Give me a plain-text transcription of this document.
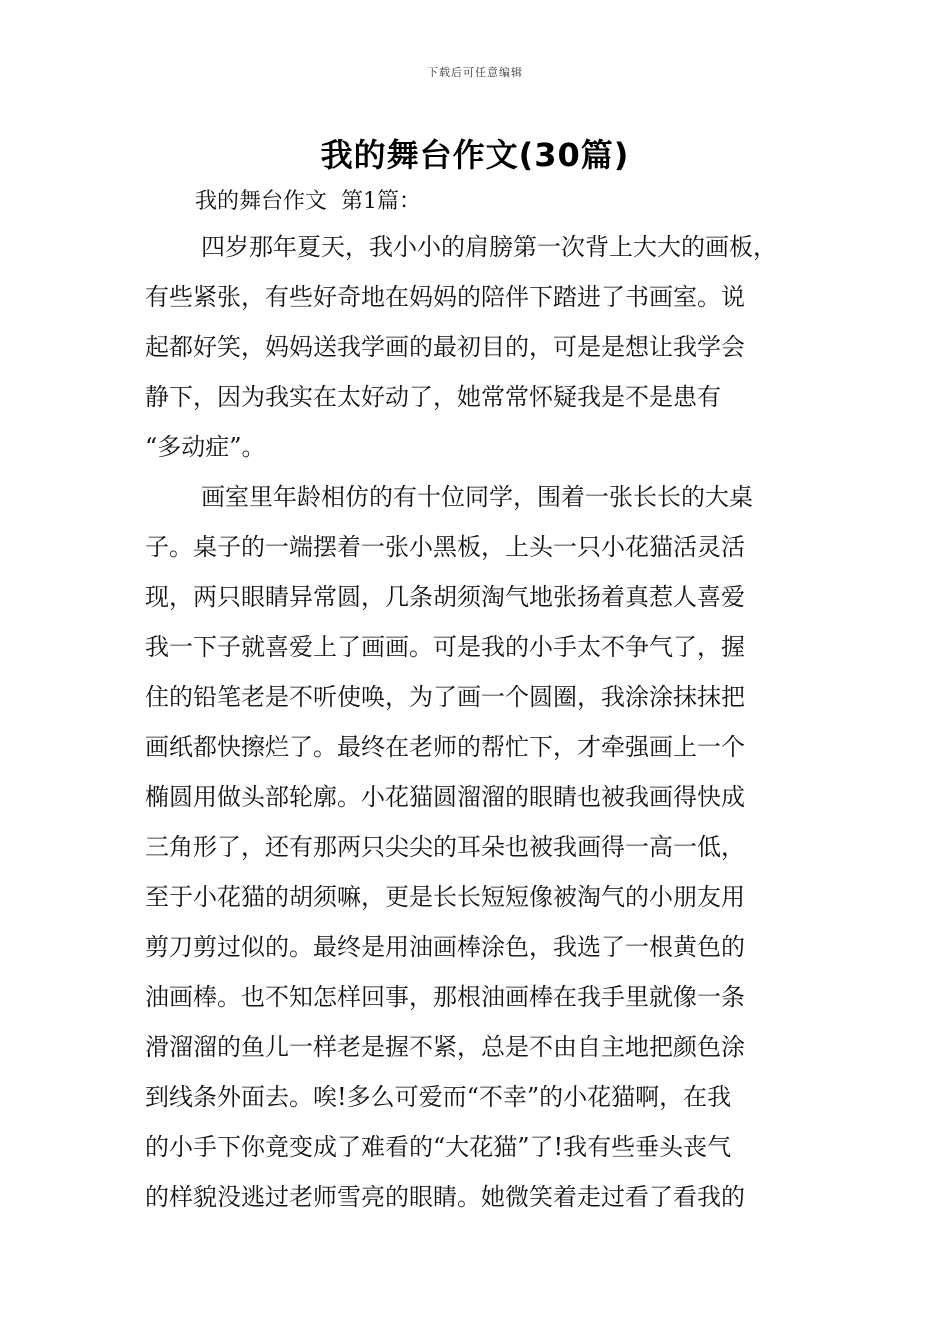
下载后可任意编辑
我的舞台作文(30篇)
我的舞台作文  第1篇：
四岁那年夏天，我小小的肩膀第一次背上大大的画板，
有些紧张，有些好奇地在妈妈的陪伴下踏进了书画室。说
起都好笑，妈妈送我学画的最初目的，可是是想让我学会
静下，因为我实在太好动了，她常常怀疑我是不是患有
“多动症”。
画室里年龄相仿的有十位同学，围着一张长长的大桌
子。桌子的一端摆着一张小黑板，上头一只小花猫活灵活
现，两只眼睛异常圆，几条胡须淘气地张扬着真惹人喜爱
我一下子就喜爱上了画画。可是我的小手太不争气了，握
住的铅笔老是不听使唤，为了画一个圆圈，我涂涂抹抹把
画纸都快擦烂了。最终在老师的帮忙下，才牵强画上一个
椭圆用做头部轮廓。小花猫圆溜溜的眼睛也被我画得快成
三角形了，还有那两只尖尖的耳朵也被我画得一高一低，
至于小花猫的胡须嘛，更是长长短短像被淘气的小朋友用
剪刀剪过似的。最终是用油画棒涂色，我选了一根黄色的
油画棒。也不知怎样回事，那根油画棒在我手里就像一条
滑溜溜的鱼儿一样老是握不紧，总是不由自主地把颜色涂
到线条外面去。唉!多么可爱而“不幸”的小花猫啊，在我
的小手下你竟变成了难看的“大花猫”了!我有些垂头丧气
的样貌没逃过老师雪亮的眼睛。她微笑着走过看了看我的
